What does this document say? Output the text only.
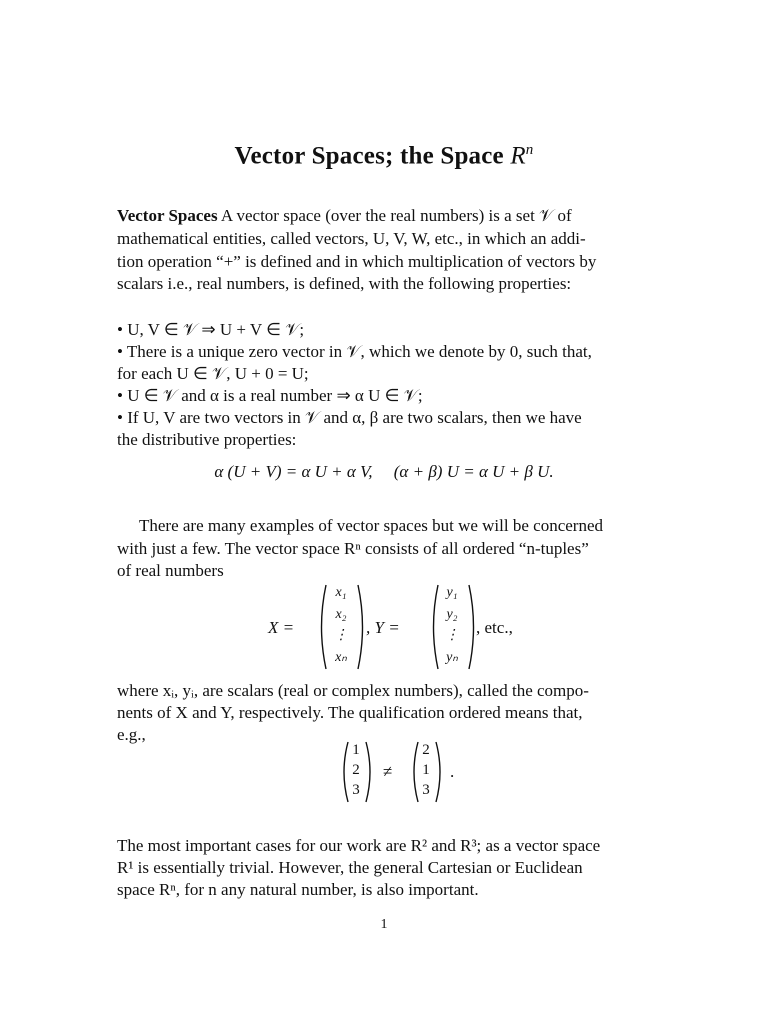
Vector Spaces; the Space $R^n$
Vector Spaces A vector space (over the real numbers) is a set 𝒱 of
mathematical entities, called vectors, U, V, W, etc., in which an addi-
tion operation “+” is defined and in which multiplication of vectors by
scalars i.e., real numbers, is defined, with the following properties:
• U, V ∈ 𝒱 ⇒ U + V ∈ 𝒱;
• There is a unique zero vector in 𝒱, which we denote by 0, such that,
for each U ∈ 𝒱, U + 0 = U;
• U ∈ 𝒱 and α is a real number ⇒ α U ∈ 𝒱;
• If U, V are two vectors in 𝒱 and α, β are two scalars, then we have
the distributive properties:
α (U + V) = α U + α V,     (α + β) U = α U + β U.
There are many examples of vector spaces but we will be concerned
with just a few. The vector space Rⁿ consists of all ordered “n-tuples”
of real numbers
X =
x₁
x₂
⋮
xₙ
, Y =
y₁
y₂
⋮
yₙ
, etc.,
where xᵢ, yᵢ, are scalars (real or complex numbers), called the compo-
nents of X and Y, respectively. The qualification ordered means that,
e.g.,
1
2
3
≠
2
1
3
.
The most important cases for our work are R² and R³; as a vector space
R¹ is essentially trivial. However, the general Cartesian or Euclidean
space Rⁿ, for n any natural number, is also important.
1
